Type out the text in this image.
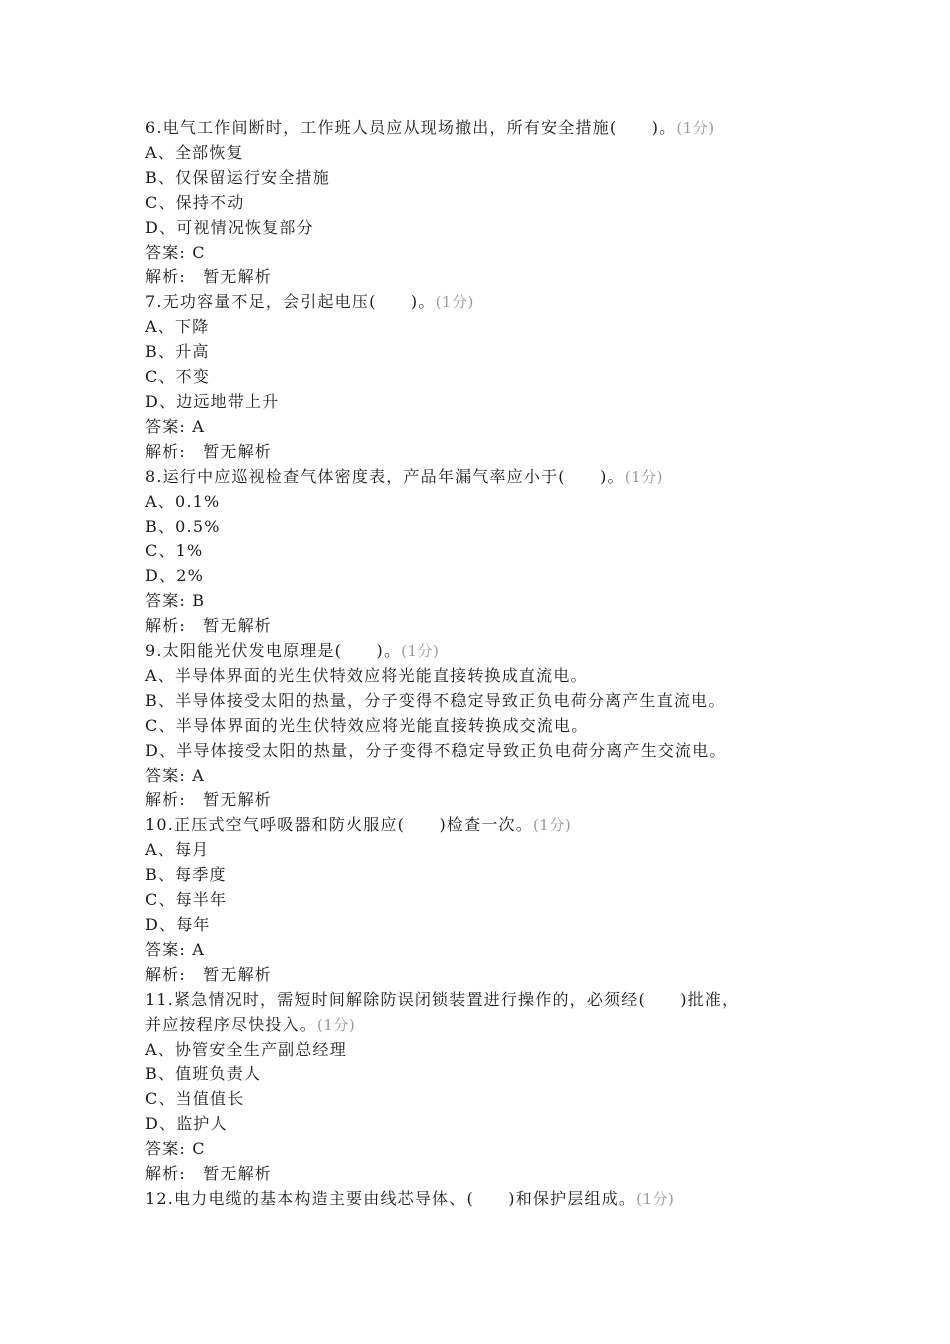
6.电气工作间断时，工作班人员应从现场撤出，所有安全措施(　　)。(1分)
A、全部恢复
B、仅保留运行安全措施
C、保持不动
D、可视情况恢复部分
答案: C
解析:　暂无解析
7.无功容量不足，会引起电压(　　)。(1分)
A、下降
B、升高
C、不变
D、边远地带上升
答案: A
解析:　暂无解析
8.运行中应巡视检查气体密度表，产品年漏气率应小于(　　)。(1分)
A、0.1%
B、0.5%
C、1%
D、2%
答案: B
解析:　暂无解析
9.太阳能光伏发电原理是(　　)。(1分)
A、半导体界面的光生伏特效应将光能直接转换成直流电。
B、半导体接受太阳的热量，分子变得不稳定导致正负电荷分离产生直流电。
C、半导体界面的光生伏特效应将光能直接转换成交流电。
D、半导体接受太阳的热量，分子变得不稳定导致正负电荷分离产生交流电。
答案: A
解析:　暂无解析
10.正压式空气呼吸器和防火服应(　　)检查一次。(1分)
A、每月
B、每季度
C、每半年
D、每年
答案: A
解析:　暂无解析
11.紧急情况时，需短时间解除防误闭锁装置进行操作的，必须经(　　)批准，
并应按程序尽快投入。(1分)
A、协管安全生产副总经理
B、值班负责人
C、当值值长
D、监护人
答案: C
解析:　暂无解析
12.电力电缆的基本构造主要由线芯导体、(　　)和保护层组成。(1分)
